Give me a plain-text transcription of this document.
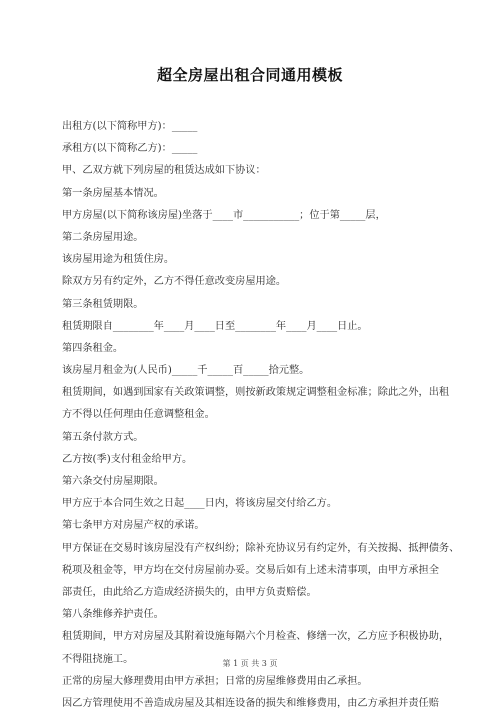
超全房屋出租合同通用模板
出租方(以下简称甲方)：_____
承租方(以下简称乙方)：_____
甲、乙双方就下列房屋的租赁达成如下协议：
第一条房屋基本情况。
甲方房屋(以下简称该房屋)坐落于____市___________；位于第_____层，
第二条房屋用途。
该房屋用途为租赁住房。
除双方另有约定外，乙方不得任意改变房屋用途。
第三条租赁期限。
租赁期限自________年____月____日至________年____月____日止。
第四条租金。
该房屋月租金为(人民币)_____千_____百_____拾元整。
租赁期间，如遇到国家有关政策调整，则按新政策规定调整租金标准；除此之外，出租
方不得以任何理由任意调整租金。
第五条付款方式。
乙方按(季)支付租金给甲方。
第六条交付房屋期限。
甲方应于本合同生效之日起____日内，将该房屋交付给乙方。
第七条甲方对房屋产权的承诺。
甲方保证在交易时该房屋没有产权纠纷；除补充协议另有约定外，有关按揭、抵押债务、
税项及租金等，甲方均在交付房屋前办妥。交易后如有上述未清事项，由甲方承担全
部责任，由此给乙方造成经济损失的，由甲方负责赔偿。
第八条维修养护责任。
租赁期间，甲方对房屋及其附着设施每隔六个月检查、修缮一次，乙方应予积极协助，
不得阻挠施工。
正常的房屋大修理费用由甲方承担；日常的房屋维修费用由乙承担。
因乙方管理使用不善造成房屋及其相连设备的损失和维修费用，由乙方承担并责任赔
第 1 页 共 3 页
